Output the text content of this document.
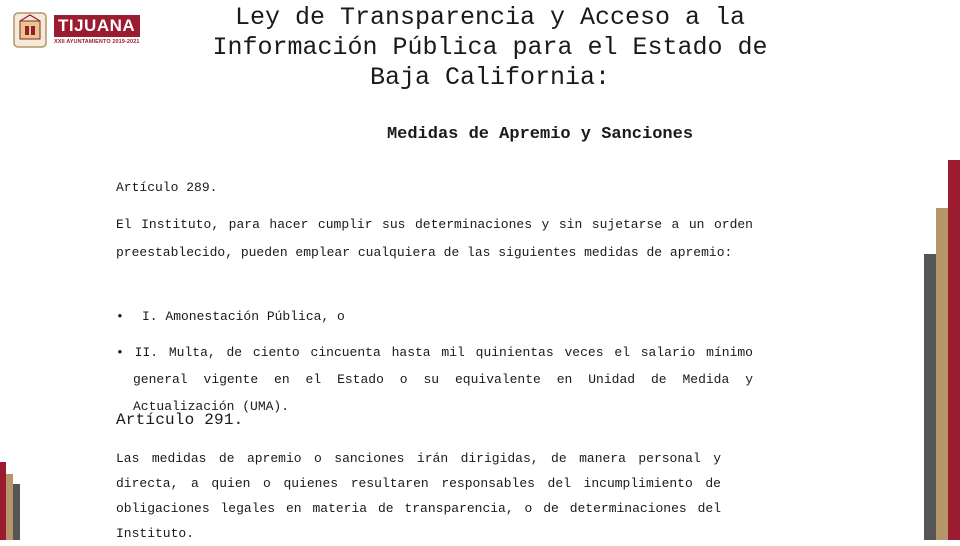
TIJUANA
XXII AYUNTAMIENTO 2019-2021
Ley de Transparencia y Acceso a la Información Pública para el Estado de Baja California:
Medidas de Apremio y Sanciones
Artículo 289.

El Instituto, para hacer cumplir sus determinaciones y sin sujetarse a un orden preestablecido, pueden emplear cualquiera de las siguientes medidas de apremio:

•	I. Amonestación Pública, o
• II. Multa, de ciento cincuenta hasta mil quinientas veces el salario mínimo general vigente en el Estado o su equivalente en Unidad de Medida y Actualización (UMA).
Artículo 291.

Las medidas de apremio o sanciones irán dirigidas, de manera personal y directa, a quien o quienes resultaren responsables del incumplimiento de obligaciones legales en materia de transparencia, o de determinaciones del Instituto.
